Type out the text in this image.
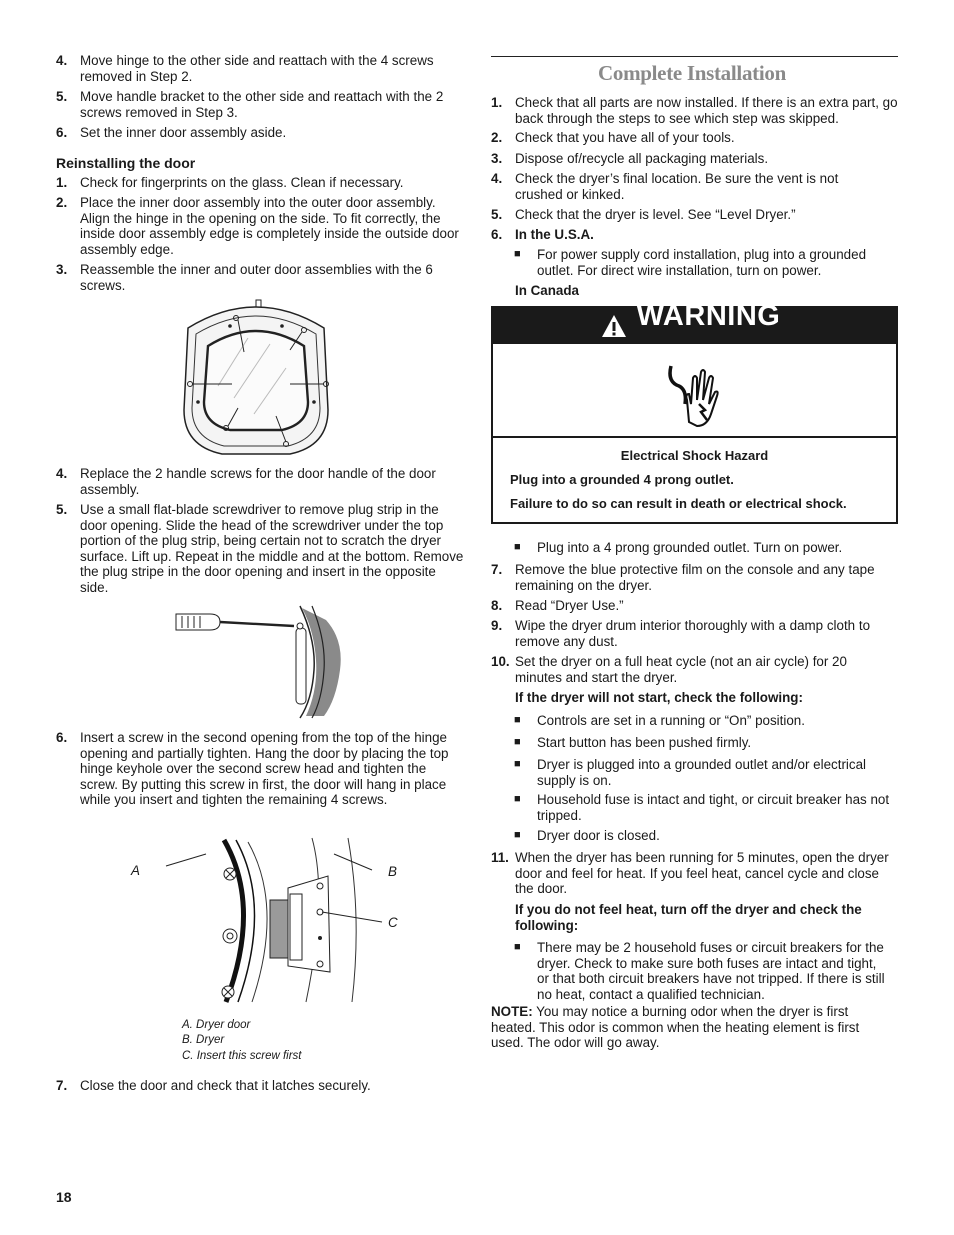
4. Move hinge to the other side and reattach with the 4 screws removed in Step 2.
5. Move handle bracket to the other side and reattach with the 2 screws removed in Step 3.
6. Set the inner door assembly aside.
Reinstalling the door
1. Check for fingerprints on the glass. Clean if necessary.
2. Place the inner door assembly into the outer door assembly. Align the hinge in the opening on the side. To fit correctly, the inside door assembly edge is completely inside the outside door assembly edge.
3. Reassemble the inner and outer door assemblies with the 6 screws.
4. Replace the 2 handle screws for the door handle of the door assembly.
5. Use a small flat-blade screwdriver to remove plug strip in the door opening. Slide the head of the screwdriver under the top portion of the plug strip, being certain not to scratch the dryer surface. Lift up. Repeat in the middle and at the bottom. Remove the plug stripe in the door opening and insert in the opposite side.
6. Insert a screw in the second opening from the top of the hinge opening and partially tighten. Hang the door by placing the top hinge keyhole over the second screw head and tighten the screw. By putting this screw in first, the door will hang in place while you insert and tighten the remaining 4 screws.
A	B
C
A. Dryer door
B. Dryer
C. Insert this screw first
7. Close the door and check that it latches securely.
Complete Installation
1. Check that all parts are now installed. If there is an extra part, go back through the steps to see which step was skipped.
2. Check that you have all of your tools.
3. Dispose of/recycle all packaging materials.
4. Check the dryer’s final location. Be sure the vent is not crushed or kinked.
5. Check that the dryer is level. See “Level Dryer.”
6. In the U.S.A.
■	For power supply cord installation, plug into a grounded outlet. For direct wire installation, turn on power.
In Canada
WARNING
Electrical Shock Hazard
Plug into a grounded 4 prong outlet.
Failure to do so can result in death or electrical shock.
■	Plug into a 4 prong grounded outlet. Turn on power.
7. Remove the blue protective film on the console and any tape remaining on the dryer.
8. Read “Dryer Use.”
9. Wipe the dryer drum interior thoroughly with a damp cloth to remove any dust.
10. Set the dryer on a full heat cycle (not an air cycle) for 20 minutes and start the dryer.
If the dryer will not start, check the following:
■	Controls are set in a running or “On” position.
■	Start button has been pushed firmly.
■	Dryer is plugged into a grounded outlet and/or electrical supply is on.
■	Household fuse is intact and tight, or circuit breaker has not tripped.
■	Dryer door is closed.
11. When the dryer has been running for 5 minutes, open the dryer door and feel for heat. If you feel heat, cancel cycle and close the door.
If you do not feel heat, turn off the dryer and check the following:
■	There may be 2 household fuses or circuit breakers for the dryer. Check to make sure both fuses are intact and tight, or that both circuit breakers have not tripped. If there is still no heat, contact a qualified technician.
NOTE: You may notice a burning odor when the dryer is first heated. This odor is common when the heating element is first used. The odor will go away.
18
